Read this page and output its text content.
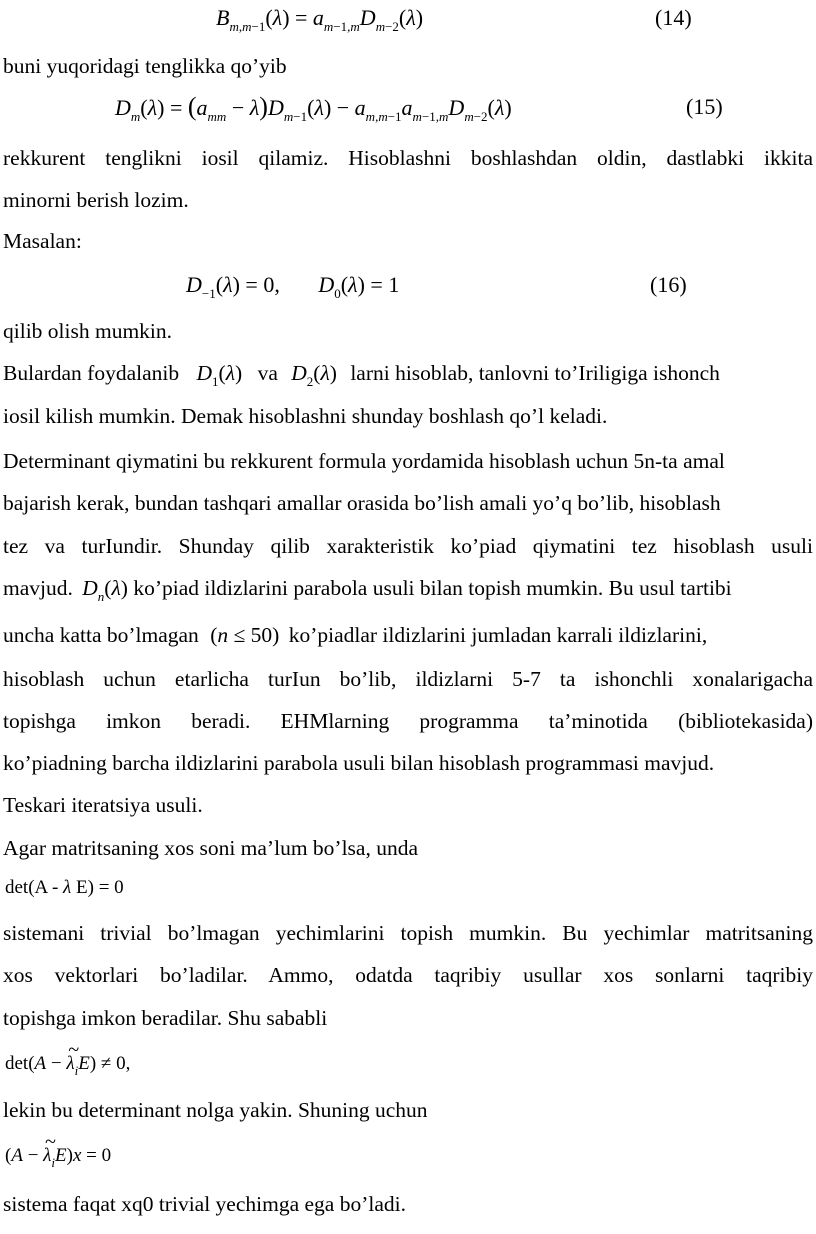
$B_{m,m-1}(\lambda) = a_{m-1,m}D_{m-2}(\lambda)$	(14)
buni yuqoridagi tenglikka qo’yib
$D_m(\lambda) = (a_{mm} - \lambda)D_{m-1}(\lambda) - a_{m,m-1}a_{m-1,m}D_{m-2}(\lambda)$	(15)
rekkurent tenglikni iosil qilamiz. Hisoblashni boshlashdan oldin, dastlabki ikkita
minorni berish lozim.
Masalan:
$D_{-1}(\lambda) = 0$, $D_0(\lambda) = 1$	(16)
qilib olish mumkin.
Bulardan foydalanib $D_1(\lambda)$ va $D_2(\lambda)$ larni hisoblab, tanlovni to’Iriligiga ishonch
iosil kilish mumkin. Demak hisoblashni shunday boshlash qo’l keladi.
Determinant qiymatini bu rekkurent formula yordamida hisoblash uchun 5n-ta amal
bajarish kerak, bundan tashqari amallar orasida bo’lish amali yo’q bo’lib, hisoblash
tez va turIundir. Shunday qilib xarakteristik ko’piad qiymatini tez hisoblash usuli
mavjud. $D_n(\lambda)$ ko’piad ildizlarini parabola usuli bilan topish mumkin. Bu usul tartibi
uncha katta bo’lmagan (n ≤ 50) ko’piadlar ildizlarini jumladan karrali ildizlarini,
hisoblash uchun etarlicha turIun bo’lib, ildizlarni 5-7 ta ishonchli xonalarigacha
topishga imkon beradi. EHMlarning programma ta’minotida (bibliotekasida)
ko’piadning barcha ildizlarini parabola usuli bilan hisoblash programmasi mavjud.
Teskari iteratsiya usuli.
Agar matritsaning xos soni ma’lum bo’lsa, unda
det(A - λ E) = 0
sistemani trivial bo’lmagan yechimlarini topish mumkin. Bu yechimlar matritsaning
xos vektorlari bo’ladilar. Ammo, odatda taqribiy usullar xos sonlarni taqribiy
topishga imkon beradilar. Shu sababli
det(A − ~ $\lambda_iE) \ne 0$,
lekin bu determinant nolga yakin. Shuning uchun
(A − ~ $\lambda_iE)x = 0$
sistema faqat xq0 trivial yechimga ega bo’ladi.
